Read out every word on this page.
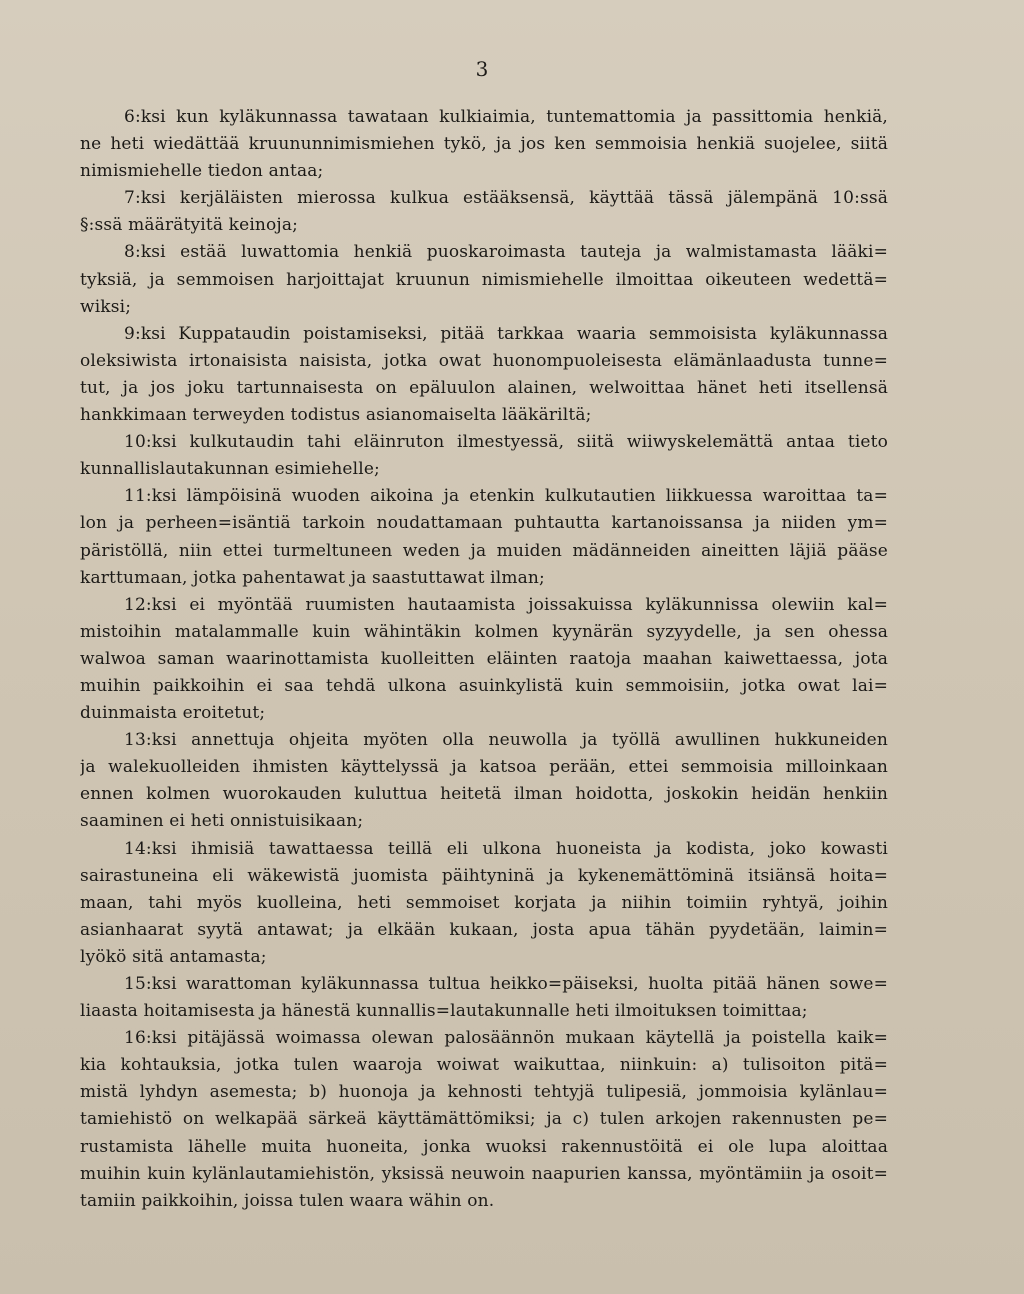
3
6:ksi kun kyläkunnassa tawataan kulkiaimia, tuntemattomia ja passittomia henkiä,
ne heti wiedättää kruununnimismiehen tykö, ja jos ken semmoisia henkiä suojelee, siitä
nimismiehelle tiedon antaa;
7:ksi kerjäläisten mierossa kulkua estääksensä, käyttää tässä jälempänä 10:ssä
§:ssä määrätyitä keinoja;
8:ksi estää luwattomia henkiä puoskaroimasta tauteja ja walmistamasta lääki=
tyksiä, ja semmoisen harjoittajat kruunun nimismiehelle ilmoittaa oikeuteen wedettä=
wiksi;
9:ksi Kuppataudin poistamiseksi, pitää tarkkaa waaria semmoisista kyläkunnassa
oleksiwista irtonaisista naisista, jotka owat huonompuoleisesta elämänlaadusta tunne=
tut, ja jos joku tartunnaisesta on epäluulon alainen, welwoittaa hänet heti itsellensä
hankkimaan terweyden todistus asianomaiselta lääkäriltä;
10:ksi kulkutaudin tahi eläinruton ilmestyessä, siitä wiiwyskelemättä antaa tieto
kunnallislautakunnan esimiehelle;
11:ksi lämpöisinä wuoden aikoina ja etenkin kulkutautien liikkuessa waroittaa ta=
lon ja perheen=isäntiä tarkoin noudattamaan puhtautta kartanoissansa ja niiden ym=
päristöllä, niin ettei turmeltuneen weden ja muiden mädänneiden aineitten läjiä pääse
karttumaan, jotka pahentawat ja saastuttawat ilman;
12:ksi ei myöntää ruumisten hautaamista joissakuissa kyläkunnissa olewiin kal=
mistoihin matalammalle kuin wähintäkin kolmen kyynärän syzyydelle, ja sen ohessa
walwoa saman waarinottamista kuolleitten eläinten raatoja maahan kaiwettaessa, jota
muihin paikkoihin ei saa tehdä ulkona asuinkylistä kuin semmoisiin, jotka owat lai=
duinmaista eroitetut;
13:ksi annettuja ohjeita myöten olla neuwolla ja työllä awullinen hukkuneiden
ja walekuolleiden ihmisten käyttelyssä ja katsoa perään, ettei semmoisia milloinkaan
ennen kolmen wuorokauden kuluttua heitetä ilman hoidotta, joskokin heidän henkiin
saaminen ei heti onnistuisikaan;
14:ksi ihmisiä tawattaessa teillä eli ulkona huoneista ja kodista, joko kowasti
sairastuneina eli wäkewistä juomista päihtyninä ja kykenemättöminä itsiänsä hoita=
maan, tahi myös kuolleina, heti semmoiset korjata ja niihin toimiin ryhtyä, joihin
asianhaarat syytä antawat; ja elkään kukaan, josta apua tähän pyydetään, laimin=
lyökö sitä antamasta;
15:ksi warattoman kyläkunnassa tultua heikko=päiseksi, huolta pitää hänen sowe=
liaasta hoitamisesta ja hänestä kunnallis=lautakunnalle heti ilmoituksen toimittaa;
16:ksi pitäjässä woimassa olewan palosäännön mukaan käytellä ja poistella kaik=
kia kohtauksia, jotka tulen waaroja woiwat waikuttaa, niinkuin: a) tulisoiton pitä=
mistä lyhdyn asemesta; b) huonoja ja kehnosti tehtyjä tulipesiä, jommoisia kylänlau=
tamiehistö on welkapää särkeä käyttämättömiksi; ja c) tulen arkojen rakennusten pe=
rustamista lähelle muita huoneita, jonka wuoksi rakennustöitä ei ole lupa aloittaa
muihin kuin kylänlautamiehistön, yksissä neuwoin naapurien kanssa, myöntämiin ja osoit=
tamiin paikkoihin, joissa tulen waara wähin on.
